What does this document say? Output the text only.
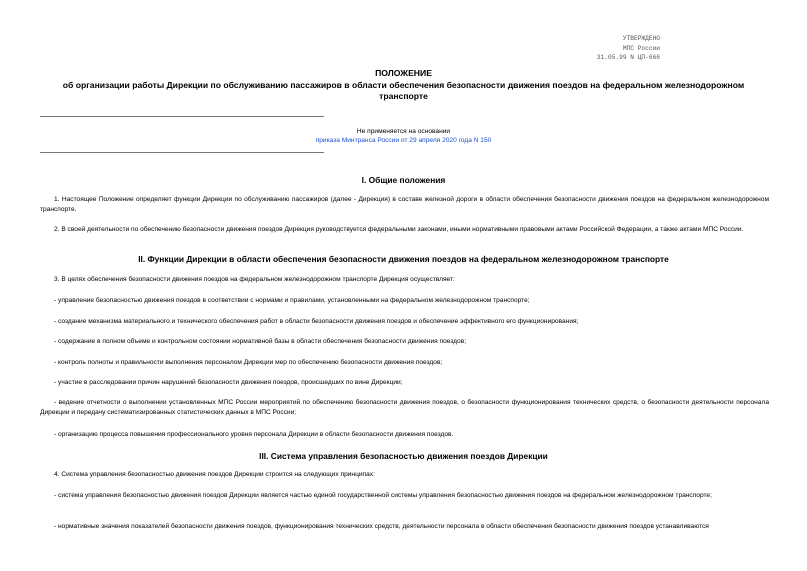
УТВЕРЖДЕНО
МПС России
31.05.99 N ЦП-666
ПОЛОЖЕНИЕ
об организации работы Дирекции по обслуживанию пассажиров в области обеспечения безопасности движения поездов на федеральном железнодорожном транспорте
Не применяется на основании
приказа Минтранса России от 29 апреля 2020 года N 150
I. Общие положения
1. Настоящее Положение определяет функции Дирекции по обслуживанию пассажиров (далее - Дирекция) в составе железной дороги в области обеспечения безопасности движения поездов на федеральном железнодорожном транспорте.
2. В своей деятельности по обеспечению безопасности движения поездов Дирекция руководствуется федеральными законами, иными нормативными правовыми актами Российской Федерации, а также актами МПС России.
II. Функции Дирекции в области обеспечения безопасности движения поездов на федеральном железнодорожном транспорте
3. В целях обеспечения безопасности движения поездов на федеральном железнодорожном транспорте Дирекция осуществляет:
- управление безопасностью движения поездов в соответствии с нормами и правилами, установленными на федеральном железнодорожном транспорте;
- создание механизма материального и технического обеспечения работ в области безопасности движения поездов и обеспечение эффективного его функционирования;
- содержание в полном объеме и контрольном состоянии нормативной базы в области обеспечения безопасности движения поездов;
- контроль полноты и правильности выполнения персоналом Дирекции мер по обеспечению безопасности движения поездов;
- участие в расследовании причин нарушений безопасности движения поездов, происшедших по вине Дирекции;
- ведение отчетности о выполнении установленных МПС России мероприятий по обеспечению безопасности движения поездов, о безопасности функционирования технических средств, о безопасности деятельности персонала Дирекции и передачу систематизированных статистических данных в МПС России;
- организацию процесса повышения профессионального уровня персонала Дирекции в области безопасности движения поездов.
III. Система управления безопасностью движения поездов Дирекции
4. Система управления безопасностью движения поездов Дирекции строится на следующих принципах:
- система управления безопасностью движения поездов Дирекции является частью единой государственной системы управления безопасностью движения поездов на федеральном железнодорожном транспорте;
- нормативные значения показателей безопасности движения поездов, функционирования технических средств, деятельности персонала в области обеспечения безопасности движения поездов устанавливаются
